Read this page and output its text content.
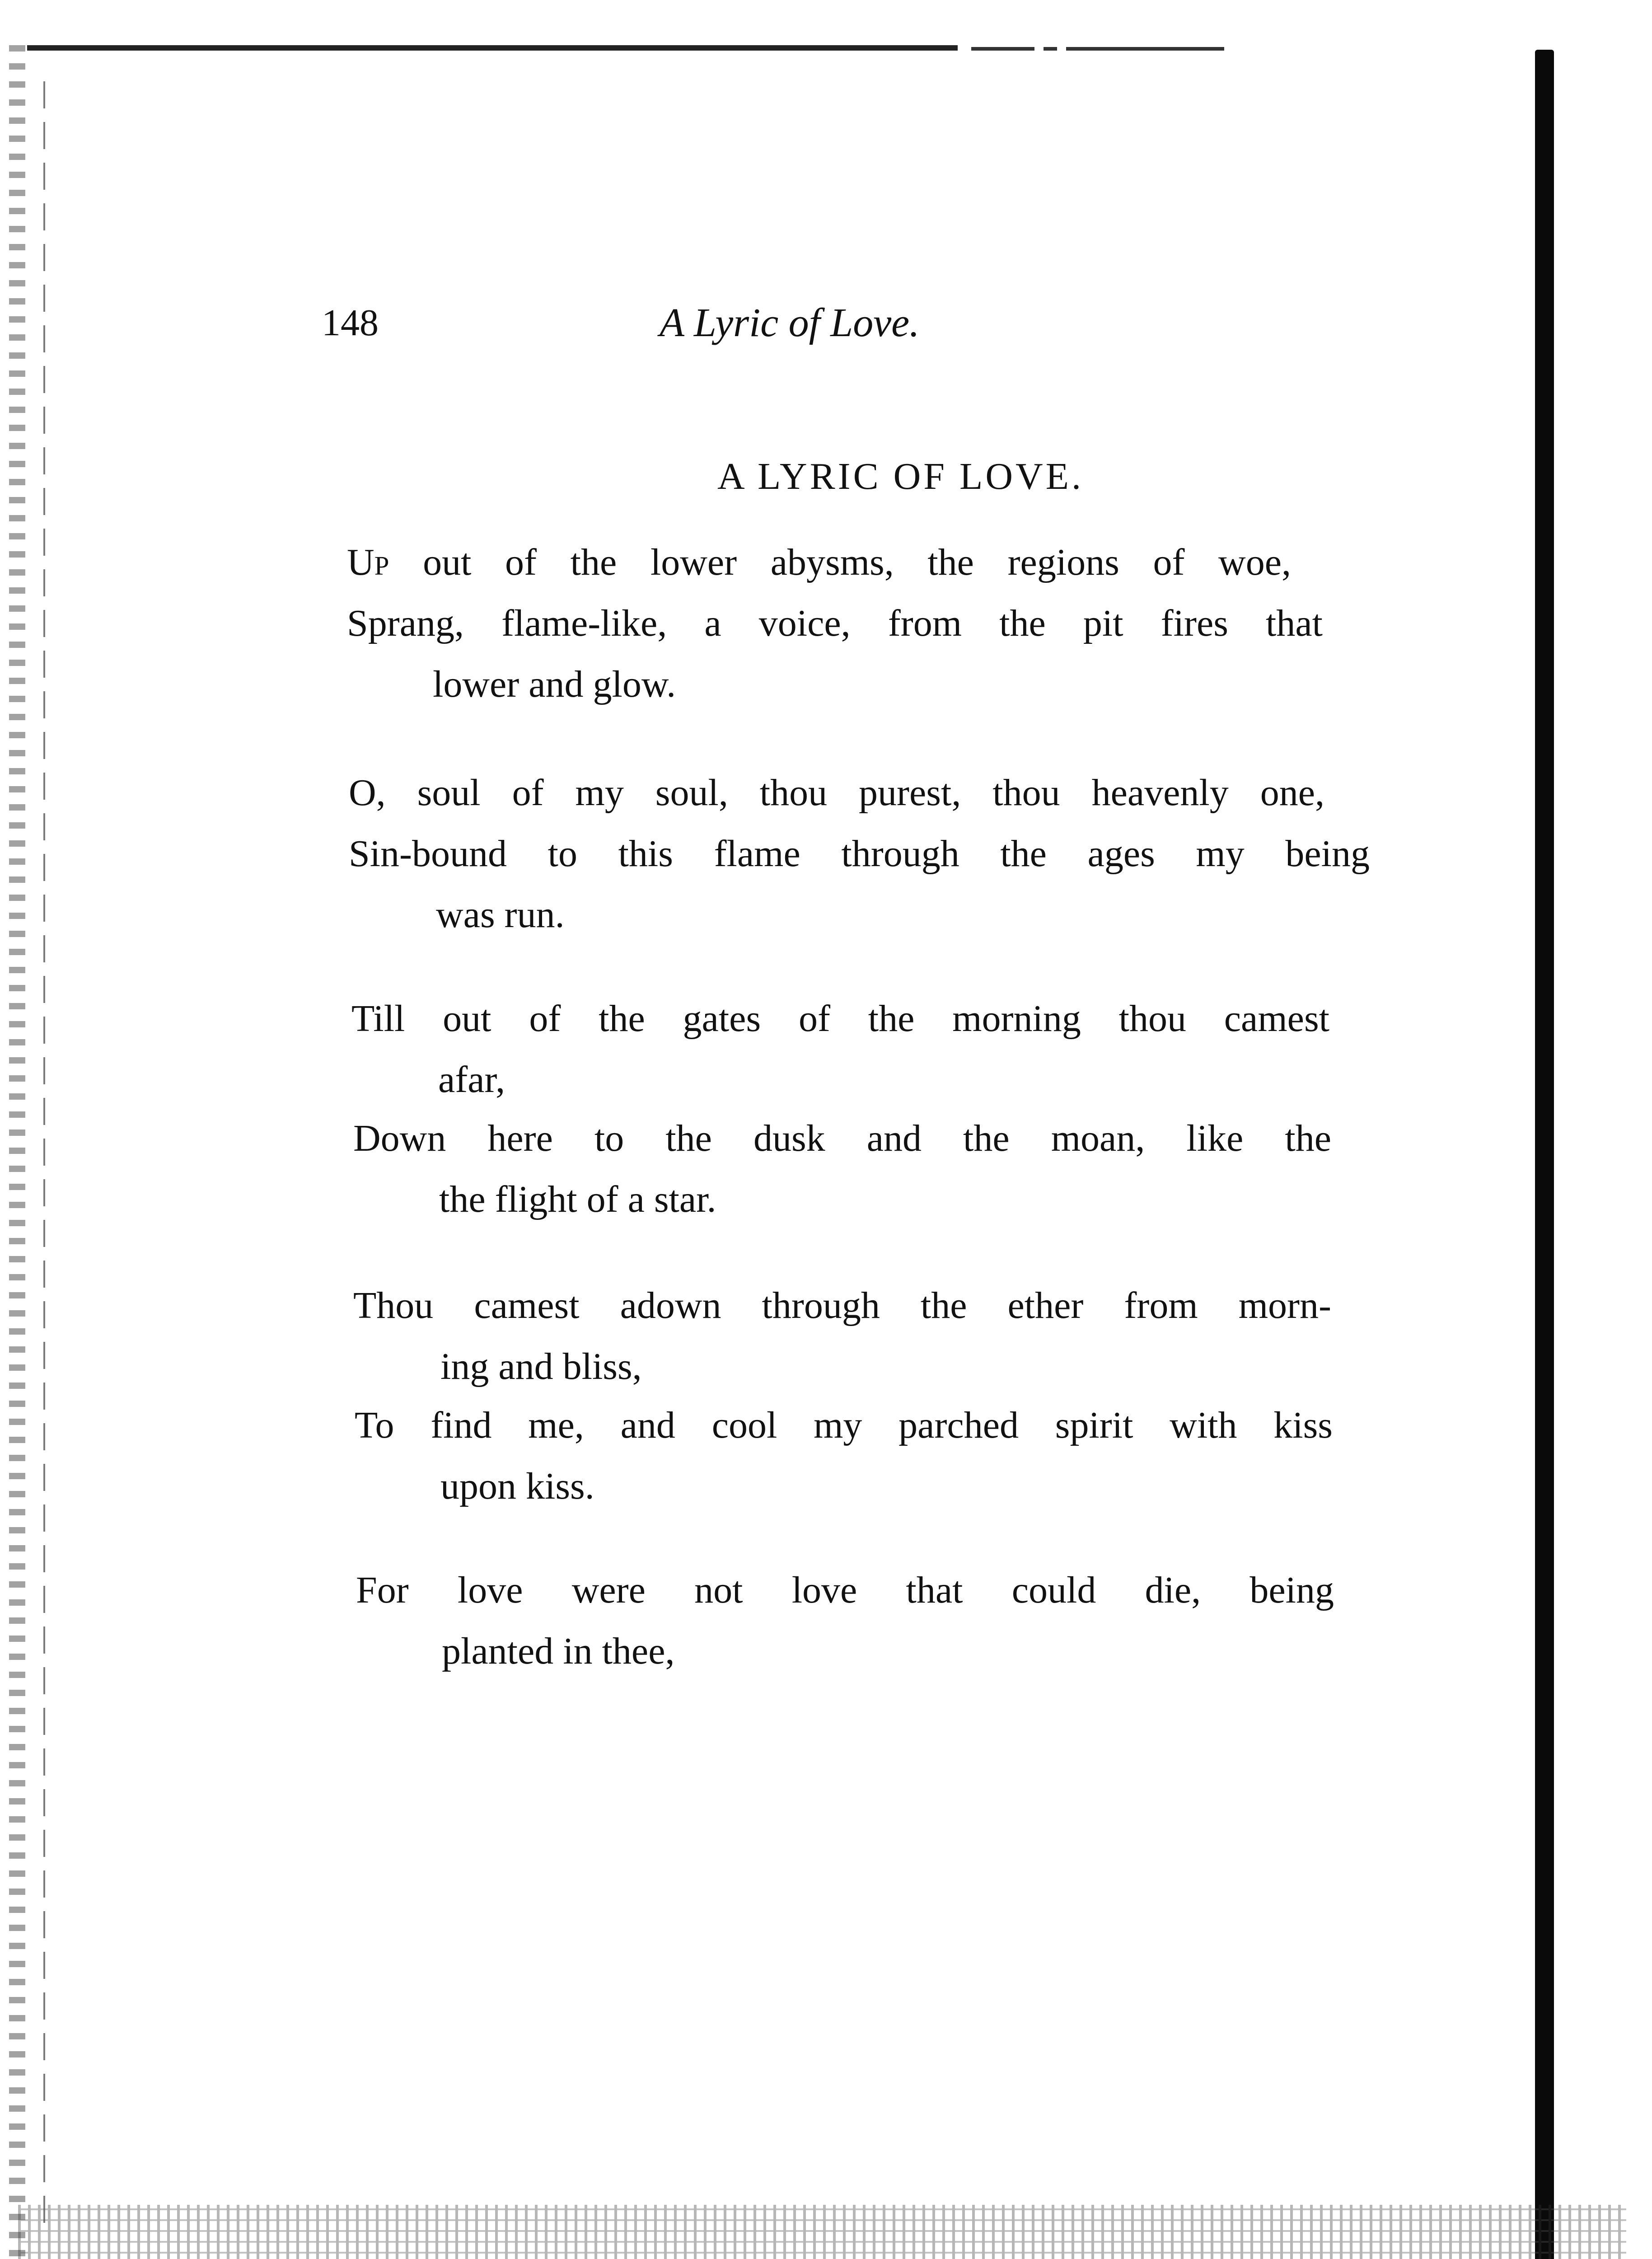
148	A Lyric of Love.
A LYRIC OF LOVE.
Up out of the lower abysms, the regions of woe,
Sprang, flame-like, a voice, from the pit fires that
lower and glow.
O, soul of my soul, thou purest, thou heavenly one,
Sin-bound to this flame through the ages my being
was run.
Till out of the gates of the morning thou camest
afar,
Down here to the dusk and the moan, like the
the flight of a star.
Thou camest adown through the ether from morn-
ing and bliss,
To find me, and cool my parched spirit with kiss
upon kiss.
For love were not love that could die, being
planted in thee,
